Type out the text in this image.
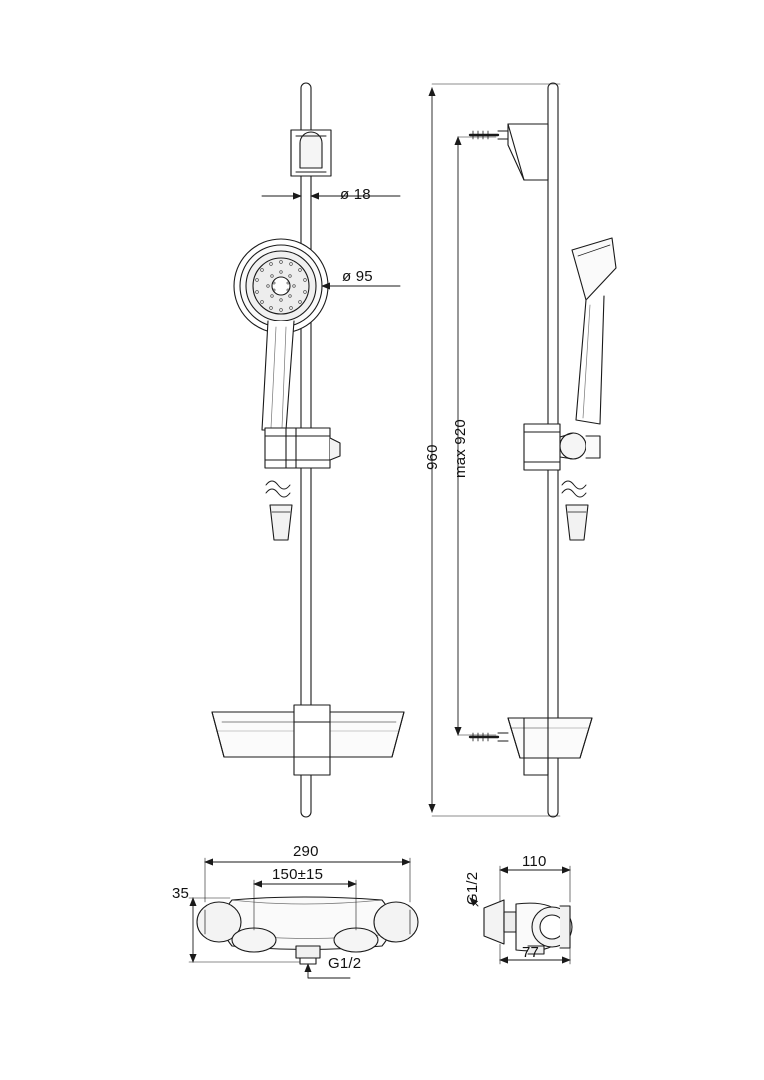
ø 18
ø 95
960 max 920
290
150±15
35
G1/2
G1/2
110
77
